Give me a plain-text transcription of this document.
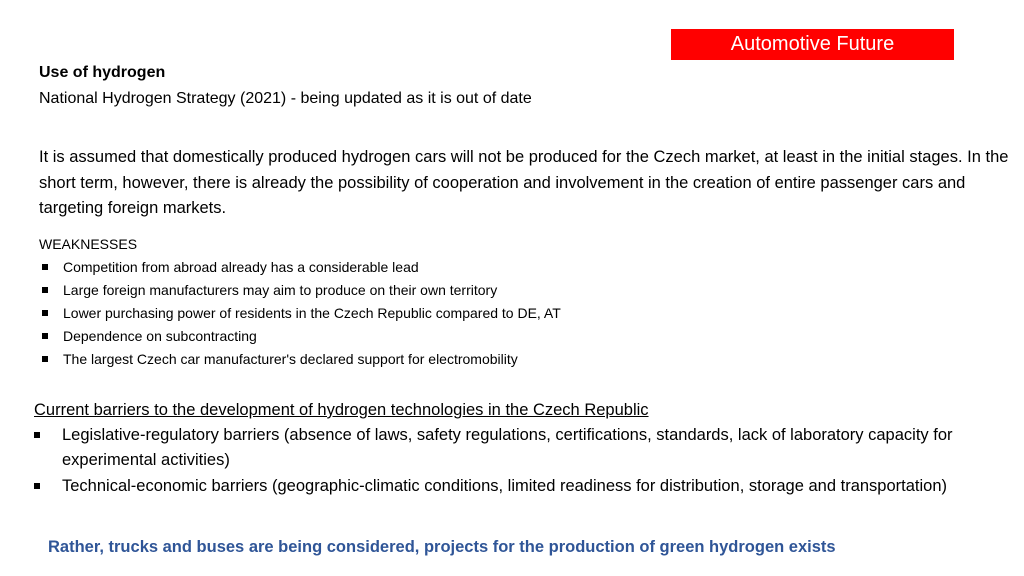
Automotive Future
Use of hydrogen
National Hydrogen Strategy (2021) - being updated as it is out of date
It is assumed that domestically produced hydrogen cars will not be produced for the Czech market, at least in the initial stages. In the short term, however, there is already the possibility of cooperation and involvement in the creation of entire passenger cars and targeting foreign markets.
WEAKNESSES
Competition from abroad already has a considerable lead
Large foreign manufacturers may aim to produce on their own territory
Lower purchasing power of residents in the Czech Republic compared to DE, AT
Dependence on subcontracting
The largest Czech car manufacturer's declared support for electromobility
Current barriers to the development of hydrogen technologies in the Czech Republic
Legislative-regulatory barriers (absence of laws, safety regulations, certifications, standards, lack of laboratory capacity for experimental activities)
Technical-economic barriers (geographic-climatic conditions, limited readiness for distribution, storage and transportation)
Rather, trucks and buses are being considered, projects for the production of green hydrogen exists
